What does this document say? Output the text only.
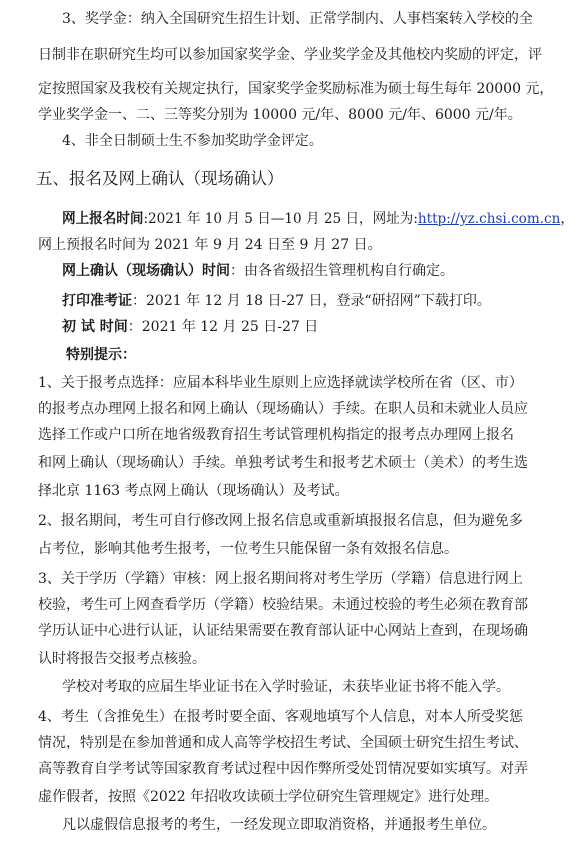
3、奖学金：纳入全国研究生招生计划、正常学制内、人事档案转入学校的全
日制非在职研究生均可以参加国家奖学金、学业奖学金及其他校内奖励的评定，评
定按照国家及我校有关规定执行，国家奖学金奖励标准为硕士每生每年 20000 元，
学业奖学金一、二、三等奖分别为 10000 元/年、8000 元/年、6000 元/年。
4、非全日制硕士生不参加奖助学金评定。
五、报名及网上确认（现场确认）
网上报名时间:2021 年 10 月 5 日—10 月 25 日，网址为:http://yz.chsi.com.cn，
网上预报名时间为 2021 年 9 月 24 日至 9 月 27 日。
网上确认（现场确认）时间：由各省级招生管理机构自行确定。
打印准考证：2021 年 12 月 18 日-27 日，登录“研招网”下载打印。
初 试 时间：2021 年 12 月 25 日-27 日
特别提示：
1、关于报考点选择：应届本科毕业生原则上应选择就读学校所在省（区、市）
的报考点办理网上报名和网上确认（现场确认）手续。在职人员和未就业人员应
选择工作或户口所在地省级教育招生考试管理机构指定的报考点办理网上报名
和网上确认（现场确认）手续。单独考试考生和报考艺术硕士（美术）的考生选
择北京 1163 考点网上确认（现场确认）及考试。
2、报名期间，考生可自行修改网上报名信息或重新填报报名信息，但为避免多
占考位，影响其他考生报考，一位考生只能保留一条有效报名信息。
3、关于学历（学籍）审核：网上报名期间将对考生学历（学籍）信息进行网上
校验，考生可上网查看学历（学籍）校验结果。未通过校验的考生必须在教育部
学历认证中心进行认证，认证结果需要在教育部认证中心网站上查到，在现场确
认时将报告交报考点核验。
学校对考取的应届生毕业证书在入学时验证，未获毕业证书将不能入学。
4、考生（含推免生）在报考时要全面、客观地填写个人信息，对本人所受奖惩
情况，特别是在参加普通和成人高等学校招生考试、全国硕士研究生招生考试、
高等教育自学考试等国家教育考试过程中因作弊所受处罚情况要如实填写。对弄
虚作假者，按照《2022 年招收攻读硕士学位研究生管理规定》进行处理。
凡以虚假信息报考的考生，一经发现立即取消资格，并通报考生单位。
